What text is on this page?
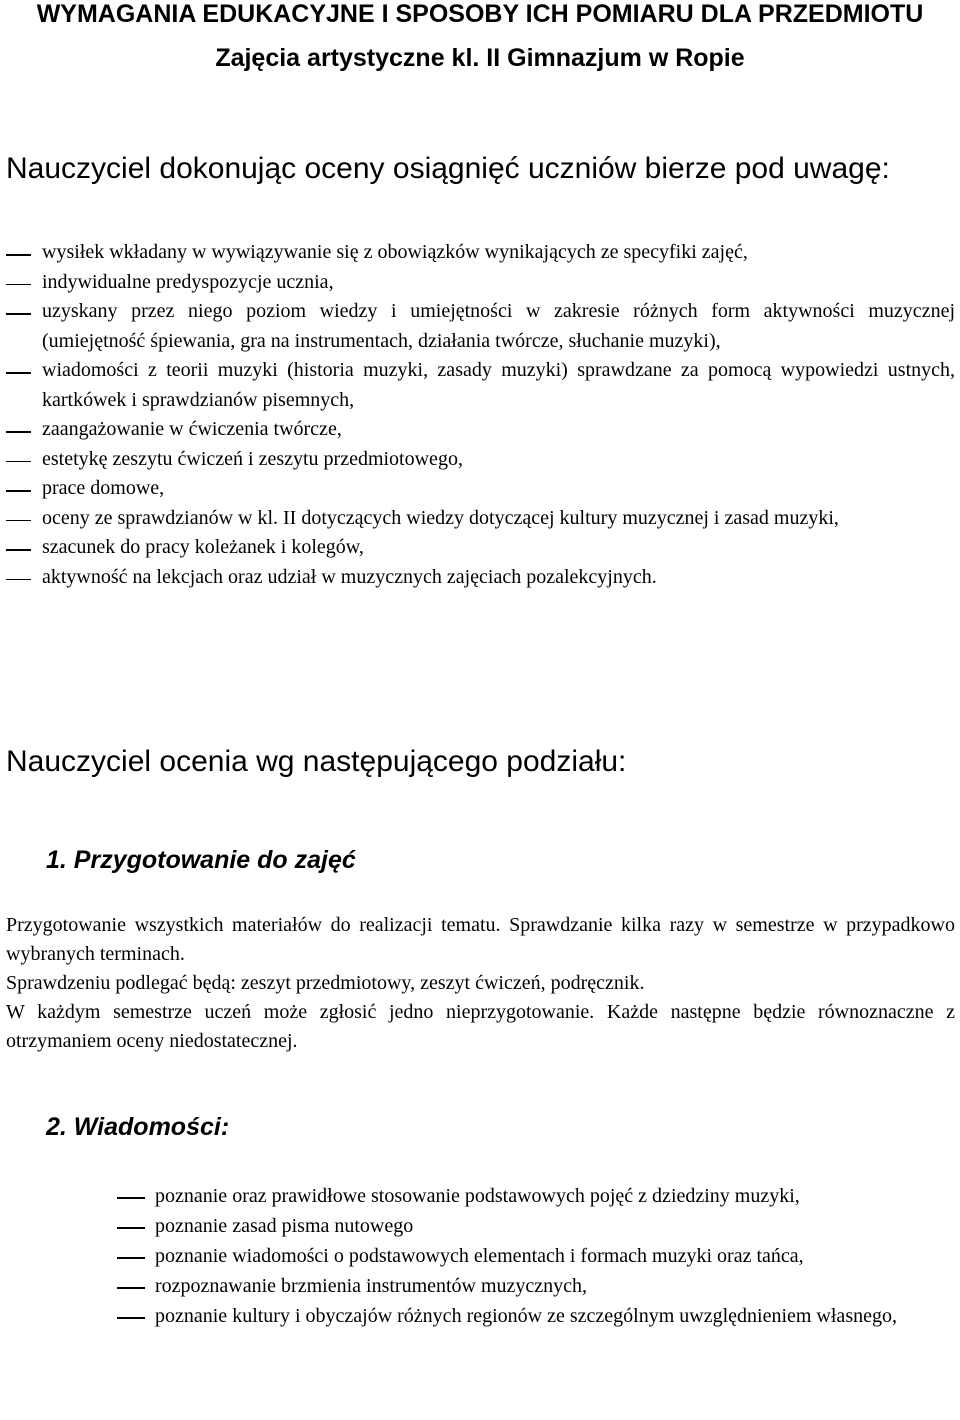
WYMAGANIA EDUKACYJNE I SPOSOBY ICH POMIARU DLA PRZEDMIOTU Zajęcia artystyczne kl. II Gimnazjum w Ropie
Nauczyciel dokonując oceny osiągnięć uczniów bierze pod uwagę:
wysiłek wkładany w wywiązywanie się z obowiązków wynikających ze specyfiki zajęć,
indywidualne predyspozycje ucznia,
uzyskany przez niego poziom wiedzy i umiejętności w zakresie różnych form aktywności muzycznej (umiejętność śpiewania, gra na instrumentach, działania twórcze, słuchanie muzyki),
wiadomości z teorii muzyki (historia muzyki, zasady muzyki) sprawdzane za pomocą wypowiedzi ustnych, kartkówek i sprawdzianów pisemnych,
zaangażowanie w ćwiczenia twórcze,
estetykę zeszytu ćwiczeń i zeszytu przedmiotowego,
prace domowe,
oceny ze sprawdzianów w kl. II dotyczących wiedzy dotyczącej kultury muzycznej i zasad muzyki,
szacunek do pracy koleżanek i kolegów,
aktywność na lekcjach oraz udział w muzycznych zajęciach pozalekcyjnych.
Nauczyciel ocenia wg następującego podziału:
1. Przygotowanie do zajęć

Przygotowanie wszystkich materiałów do realizacji tematu. Sprawdzanie kilka razy w semestrze w przypadkowo wybranych terminach.

Sprawdzeniu podlegać będą: zeszyt przedmiotowy, zeszyt ćwiczeń, podręcznik.

W każdym semestrze uczeń może zgłosić jedno nieprzygotowanie. Każde następne będzie równoznaczne z otrzymaniem oceny niedostatecznej.

2. Wiadomości:
poznanie oraz prawidłowe stosowanie podstawowych pojęć z dziedziny muzyki,
poznanie zasad pisma nutowego
poznanie wiadomości o podstawowych elementach i formach muzyki oraz tańca,
rozpoznawanie brzmienia instrumentów muzycznych,
poznanie kultury i obyczajów różnych regionów ze szczególnym uwzględnieniem własnego,
